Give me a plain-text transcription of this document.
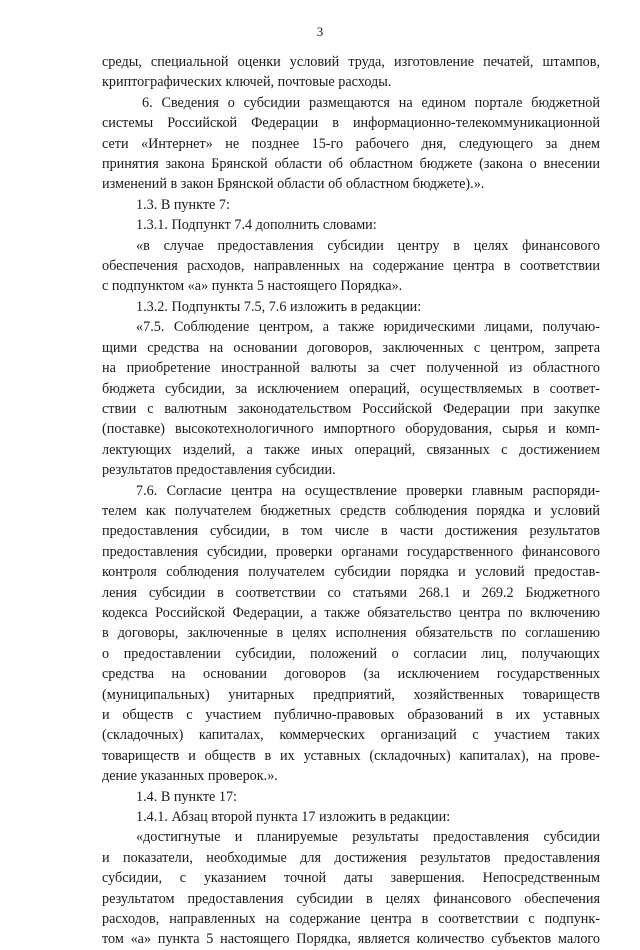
3

среды, специальной оценки условий труда, изготовление печатей, штампов,

криптографических ключей, почтовые расходы.

6. Сведения о субсидии размещаются на едином портале бюджетной

системы Российской Федерации в информационно-телекоммуникационной

сети «Интернет» не позднее 15-го рабочего дня, следующего за днем

принятия закона Брянской области об областном бюджете (закона о внесении

изменений в закон Брянской области об областном бюджете).».

1.3. В пункте 7:

1.3.1. Подпункт 7.4 дополнить словами:

«в случае предоставления субсидии центру в целях финансового

обеспечения расходов, направленных на содержание центра в соответствии

с подпунктом «а» пункта 5 настоящего Порядка».

1.3.2. Подпункты 7.5, 7.6 изложить в редакции:

«7.5. Соблюдение центром, а также юридическими лицами, получаю-

щими средства на основании договоров, заключенных с центром, запрета

на приобретение иностранной валюты за счет полученной из областного

бюджета субсидии, за исключением операций, осуществляемых в соответ-

ствии с валютным законодательством Российской Федерации при закупке

(поставке) высокотехнологичного импортного оборудования, сырья и комп-

лектующих изделий, а также иных операций, связанных с достижением

результатов предоставления субсидии.

7.6. Согласие центра на осуществление проверки главным распоряди-

телем как получателем бюджетных средств соблюдения порядка и условий

предоставления субсидии, в том числе в части достижения результатов

предоставления субсидии, проверки органами государственного финансового

контроля соблюдения получателем субсидии порядка и условий предостав-

ления субсидии в соответствии со статьями 268.1 и 269.2 Бюджетного

кодекса Российской Федерации, а также обязательство центра по включению

в договоры, заключенные в целях исполнения обязательств по соглашению

о предоставлении субсидии, положений о согласии лиц, получающих

средства на основании договоров (за исключением государственных

(муниципальных) унитарных предприятий, хозяйственных товариществ

и обществ с участием публично-правовых образований в их уставных

(складочных) капиталах, коммерческих организаций с участием таких

товариществ и обществ в их уставных (складочных) капиталах), на прове-

дение указанных проверок.».

1.4. В пункте 17:

1.4.1. Абзац второй пункта 17 изложить в редакции:

«достигнутые и планируемые результаты предоставления субсидии

и показатели, необходимые для достижения результатов предоставления

субсидии, с указанием точной даты завершения. Непосредственным

результатом предоставления субсидии в целях финансового обеспечения

расходов, направленных на содержание центра в соответствии с подпунк-

том «а» пункта 5 настоящего Порядка, является количество субъектов малого
